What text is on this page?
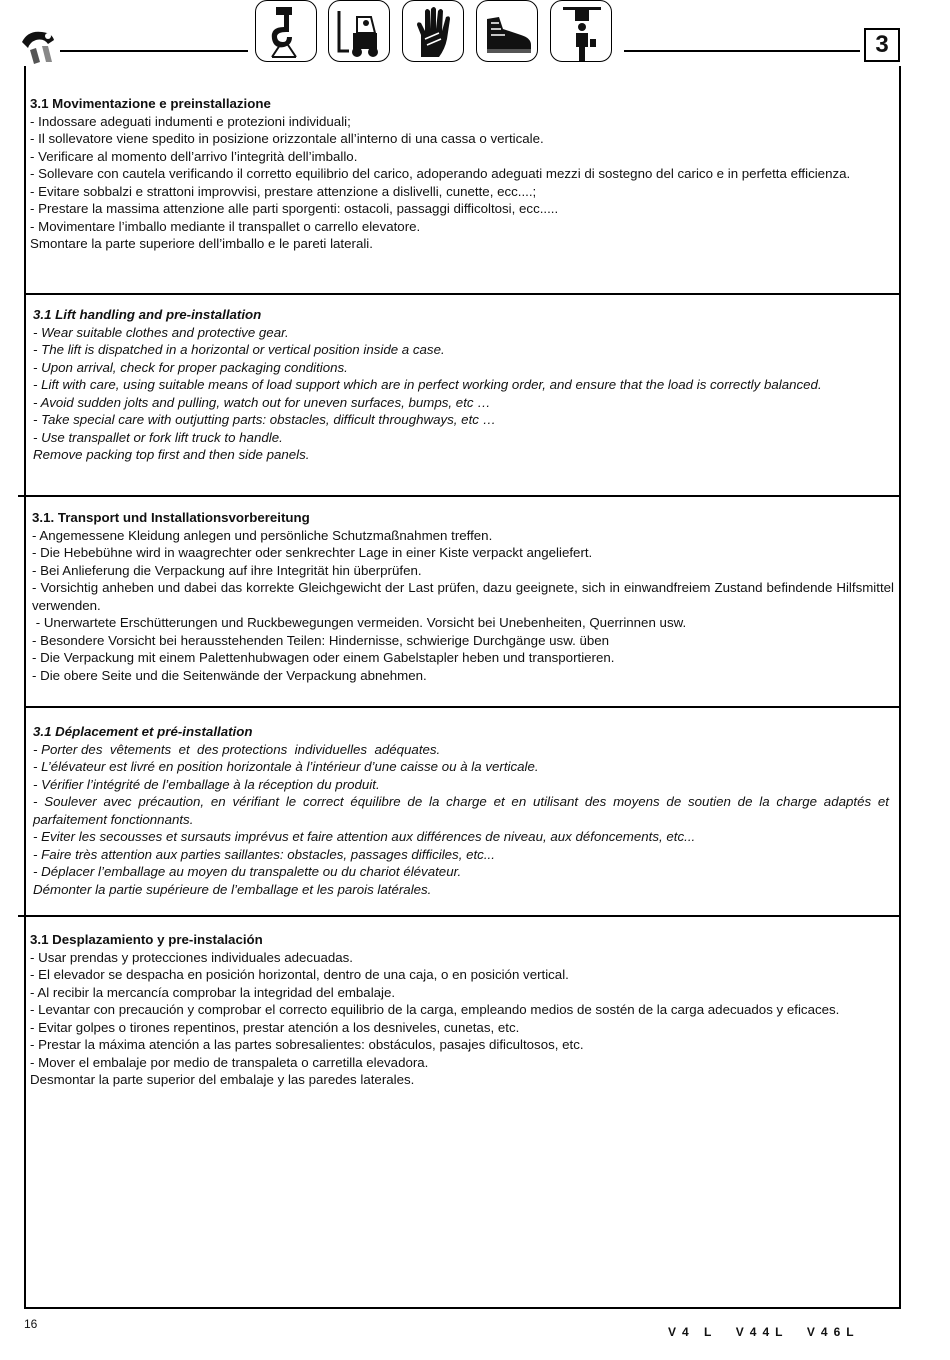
3

3.1 Movimentazione e preinstallazione

- Indossare adeguati indumenti e protezioni individuali;

- Il sollevatore viene spedito in posizione orizzontale all’interno di una cassa o verticale.

- Verificare al momento dell’arrivo l’integrità dell’imballo.

- Sollevare con cautela verificando il corretto equilibrio del carico, adoperando adeguati mezzi di sostegno del carico e in perfetta efficienza.

- Evitare sobbalzi e strattoni improvvisi, prestare attenzione a dislivelli, cunette, ecc....;

- Prestare la massima attenzione alle parti sporgenti: ostacoli, passaggi difficoltosi, ecc.....

- Movimentare l’imballo mediante il transpallet o carrello elevatore.

Smontare la parte superiore dell’imballo e le pareti laterali.

3.1 Lift handling and pre-installation

- Wear suitable clothes and protective gear.

- The lift is dispatched in a horizontal or vertical position inside a case.

- Upon arrival, check for proper packaging conditions.

- Lift with care, using suitable means of load support which are in perfect working order, and ensure that the load is correctly balanced.

- Avoid sudden jolts and pulling, watch out for uneven surfaces, bumps, etc …

- Take special care with outjutting parts: obstacles, difficult throughways, etc …

- Use transpallet or fork lift truck to handle.

Remove packing top first and then side panels.

3.1. Transport und Installationsvorbereitung

- Angemessene Kleidung anlegen und persönliche Schutzmaßnahmen treffen.

- Die Hebebühne wird in waagrechter oder senkrechter Lage in einer Kiste verpackt angeliefert.

- Bei Anlieferung die Verpackung auf ihre Integrität hin überprüfen.

- Vorsichtig anheben und dabei das korrekte Gleichgewicht der Last prüfen, dazu geeignete, sich in einwandfreiem Zustand befindende Hilfsmittel verwenden.

- Unerwartete Erschütterungen und Ruckbewegungen vermeiden. Vorsicht bei Unebenheiten, Querrinnen usw.

- Besondere Vorsicht bei herausstehenden Teilen: Hindernisse, schwierige Durchgänge usw. üben

- Die Verpackung mit einem Palettenhubwagen oder einem Gabelstapler heben und transportieren.

- Die obere Seite und die Seitenwände der Verpackung abnehmen.

3.1 Déplacement et pré-installation

- Porter des  vêtements  et  des protections  individuelles  adéquates.

- L’élévateur est livré en position horizontale à l’intérieur d’une caisse ou à la verticale.

- Vérifier l’intégrité de l’emballage à la réception du produit.

- Soulever avec précaution, en vérifiant le correct équilibre de la charge et en utilisant des moyens de soutien de la charge adaptés et parfaitement fonctionnants.

- Eviter les secousses et sursauts imprévus et faire attention aux différences de niveau, aux défoncements, etc...

- Faire très attention aux parties saillantes: obstacles, passages difficiles, etc...

- Déplacer l’emballage au moyen du transpalette ou du chariot élévateur.

Démonter la partie supérieure de l’emballage et les parois latérales.

3.1 Desplazamiento y pre-instalación

- Usar prendas y protecciones individuales adecuadas.

- El elevador se despacha en posición horizontal, dentro de una caja, o en posición vertical.

- Al recibir la mercancía comprobar la integridad del embalaje.

- Levantar con precaución y comprobar el correcto equilibrio de la carga, empleando medios de sostén de la carga adecuados y eficaces.

- Evitar golpes o tirones repentinos, prestar atención a los desniveles, cunetas, etc.

- Prestar la máxima atención a las partes sobresalientes: obstáculos, pasajes dificultosos, etc.

- Mover el embalaje por medio de transpaleta o carretilla elevadora.

Desmontar la parte superior del embalaje y las paredes laterales.

16
V4 L  V44L  V46L
